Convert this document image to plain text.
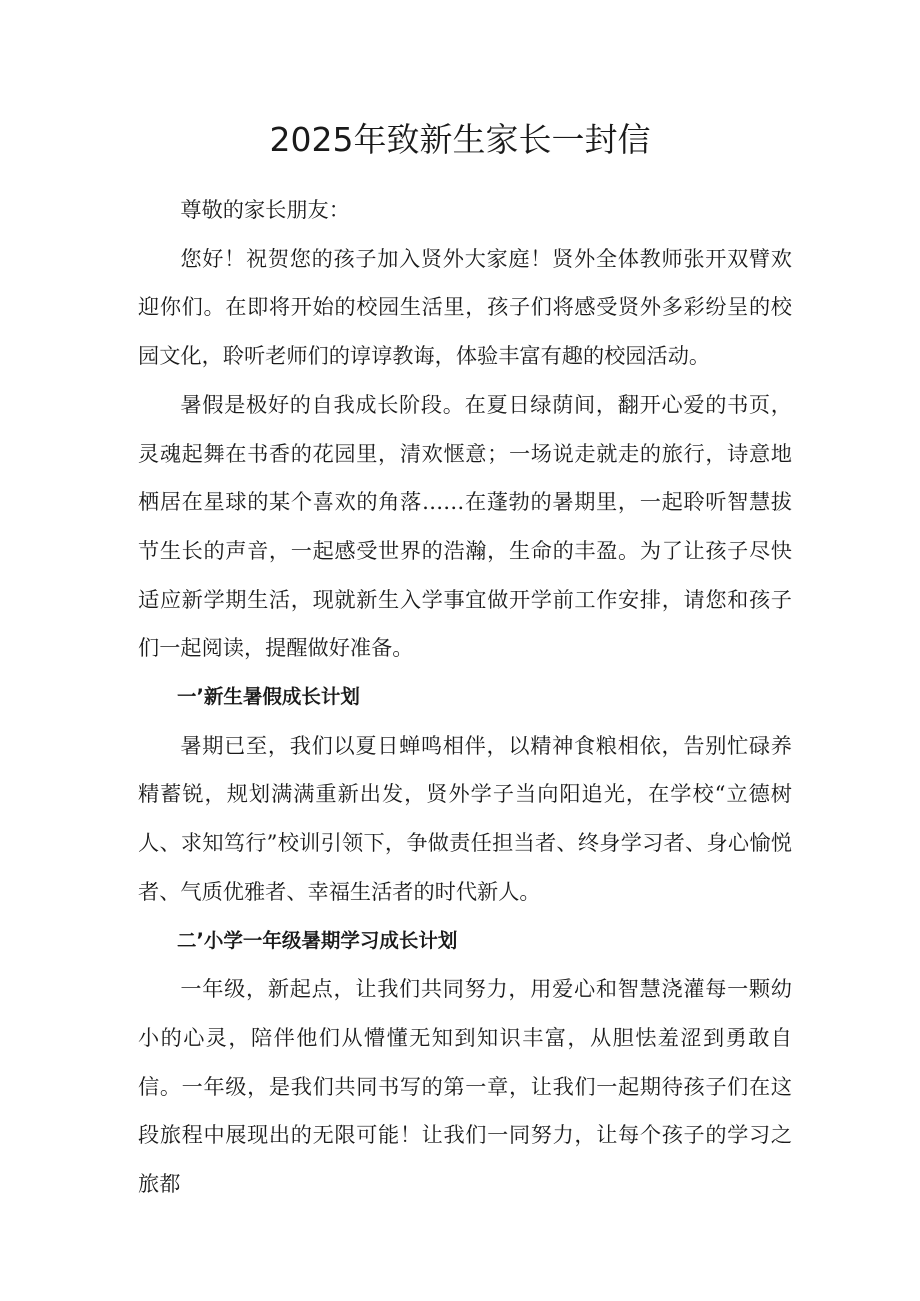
2025年致新生家长一封信

尊敬的家长朋友：

您好！祝贺您的孩子加入贤外大家庭！贤外全体教师张开双臂欢迎你们。在即将开始的校园生活里，孩子们将感受贤外多彩纷呈的校园文化，聆听老师们的谆谆教诲，体验丰富有趣的校园活动。

暑假是极好的自我成长阶段。在夏日绿荫间，翻开心爱的书页，灵魂起舞在书香的花园里，清欢惬意；一场说走就走的旅行，诗意地栖居在星球的某个喜欢的角落……在蓬勃的暑期里，一起聆听智慧拔节生长的声音，一起感受世界的浩瀚，生命的丰盈。为了让孩子尽快适应新学期生活，现就新生入学事宜做开学前工作安排，请您和孩子们一起阅读，提醒做好准备。

一’新生暑假成长计划

暑期已至，我们以夏日蝉鸣相伴，以精神食粮相依，告别忙碌养精蓄锐，规划满满重新出发，贤外学子当向阳追光，在学校“立德树人、求知笃行”校训引领下，争做责任担当者、终身学习者、身心愉悦者、气质优雅者、幸福生活者的时代新人。

二’小学一年级暑期学习成长计划

一年级，新起点，让我们共同努力，用爱心和智慧浇灌每一颗幼小的心灵，陪伴他们从懵懂无知到知识丰富，从胆怯羞涩到勇敢自信。一年级，是我们共同书写的第一章，让我们一起期待孩子们在这段旅程中展现出的无限可能！让我们一同努力，让每个孩子的学习之旅都
